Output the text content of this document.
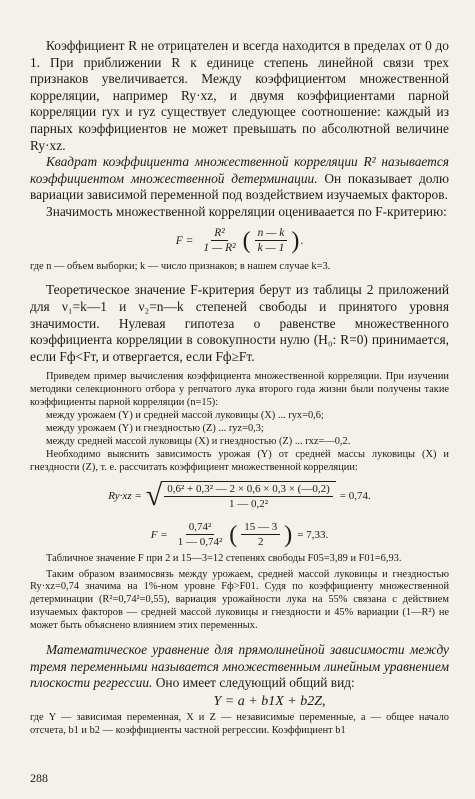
Коэффициент R не отрицателен и всегда находится в пределах от 0 до 1. При приближении R к единице степень линейной связи трех признаков увеличивается. Между коэффициентом множественной корреляции, например Ry·xz, и двумя коэффициентами парной корреляции ryx и ryz существует следующее соотношение: каждый из парных коэффициентов не может превышать по абсолютной величине Ry·xz.

Квадрат коэффициента множественной корреляции R² называется коэффициентом множественной детерминации. Он показывает долю вариации зависимой переменной под воздействием изучаемых факторов.

Значимость множественной корреляции оцениваается по F-критерию:

$F = \frac{\text{R²}}{\text{1 — R²}}$ ( $\frac{n — k}{k — 1}$ ) .

где n — объем выборки; k — число признаков; в нашем случае k=3.

Теоретическое значение F-критерия берут из таблицы 2 приложений для ν₁=k—1 и ν₂=n—k степеней свободы и принятого уровня значимости. Нулевая гипотеза о равенстве множественного коэффициента корреляции в совокупности нулю (H₀: R=0) принимается, если Fф<Fт, и отвергается, если Fф≥Fт.

Приведем пример вычисления коэффициента множественной корреляции. При изучении методики селекционного отбора у репчатого лука второго года жизни были получены такие коэффициенты парной корреляции (n=15):

между урожаем (Y) и средней массой луковицы (X) ... ryx=0,6;

между урожаем (Y) и гнездностью (Z) ... ryz=0,3;

между средней массой луковицы (X) и гнездностью (Z) ... rxz=—0,2.

Необходимо выяснить зависимость урожая (Y) от средней массы луковицы (X) и гнездности (Z), т. е. рассчитать коэффициент множественной корреляции:

Ry·xz = √ $\frac{\text{0,6² + 0,3² — 2 × 0,6 × 0,3 × (—0,2)}}{\text{1 — 0,2²}} = 0,74$.
$F = \frac{\text{0,74²}}{\text{1 — 0,74²}}$ ( $\frac{15 — 3}{2}$ ) = 7,33.

Табличное значение F при 2 и 15—3=12 степенях свободы F05=3,89 и F01=6,93.

Таким образом взаимосвязь между урожаем, средней массой луковицы и гнездностью Ry·xz=0,74 значима на 1%-ном уровне Fф>F01. Судя по коэффициенту множественной детерминации (R²=0,74²=0,55), вариация урожайности лука на 55% связана с действием изучаемых факторов — средней массой луковицы и гнездности и 45% вариации (1—R²) не может быть объяснено влиянием этих переменных.

Математическое уравнение для прямолинейной зависимости между тремя переменными называется множественным линейным уравнением плоскости регрессии. Оно имеет следующий общий вид:

Y = a + b1X + b2Z,

где Y — зависимая переменная, X и Z — независимые переменные, a — общее начало отсчета, b1 и b2 — коэффициенты частной регрессии. Коэффициент b1

288
